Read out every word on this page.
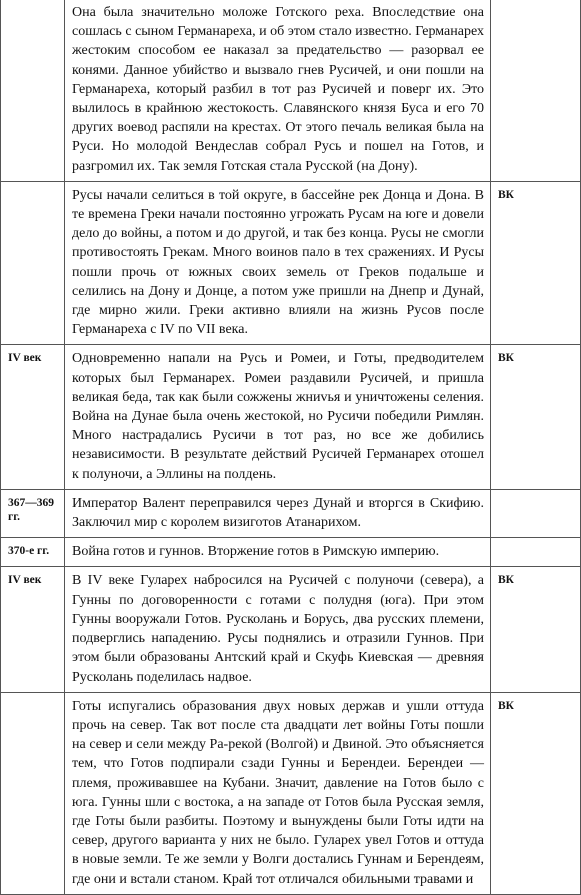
	Она была значительно моложе Готского реха. Впоследствие она сошлась с сыном Германареха, и об этом стало известно. Германарех жестоким способом ее наказал за предательство — разорвал ее конями. Данное убийство и вызвало гнев Русичей, и они пошли на Германареха, который разбил в тот раз Русичей и поверг их. Это вылилось в крайнюю жестокость. Славянского князя Буса и его 70 других воевод распяли на крестах. От этого печаль великая была на Руси. Но молодой Вендеслав собрал Русь и пошел на Готов, и разгромил их. Так земля Готская стала Русской (на Дону).	

	Русы начали селиться в той округе, в бассейне рек Донца и Дона. В те времена Греки начали постоянно угрожать Русам на юге и довели дело до войны, а потом и до другой, и так без конца. Русы не смогли противостоять Грекам. Много воинов пало в тех сражениях. И Русы пошли прочь от южных своих земель от Греков подальше и селились на Дону и Донце, а потом уже пришли на Днепр и Дунай, где мирно жили. Греки активно влияли на жизнь Русов после Германареха с IV по VII века.	ВК
IV век	Одновременно напали на Русь и Ромеи, и Готы, предводителем которых был Германарех. Ромеи раздавили Русичей, и пришла великая беда, так как были сожжены жниvья и уничтожены селения. Война на Дунае была очень жестокой, но Русичи победили Римлян. Много настрадались Русичи в тот раз, но все же добились независимости. В результате действий Русичей Германарех отошел к полуночи, а Эллины на полдень.	ВК
367—369 гг.	Император Валент переправился через Дунай и вторгся в Скифию. Заключил мир с королем визиготов Атанарихом.	

370-е гг.	Война готов и гуннов. Вторжение готов в Римскую империю.	

IV век	В IV веке Гуларех набросился на Русичей с полуночи (севера), а Гунны по договоренности с готами с полудня (юга). При этом Гунны вооружали Готов. Русколань и Борусь, два русских племени, подверглись нападению. Русы поднялись и отразили Гуннов. При этом были образованы Антский край и Скуфь Киевская — древняя Русколань поделилась надвое.	ВК

	Готы испугались образования двух новых держав и ушли оттуда прочь на север. Так вот после ста двадцати лет войны Готы пошли на север и сели между Ра-рекой (Волгой) и Двиной. Это объясняется тем, что Готов подпирали сзади Гунны и Берендеи. Берендеи — племя, проживавшее на Кубани. Значит, давление на Готов было с юга. Гунны шли с востока, а на западе от Готов была Русская земля, где Готы были разбиты. Поэтому и вынуждены были Готы идти на север, другого варианта у них не было. Гуларех увел Готов и оттуда в новые земли. Те же земли у Волги достались Гуннам и Берендеям, где они и встали станом. Край тот отличался обильными травами и	ВК
